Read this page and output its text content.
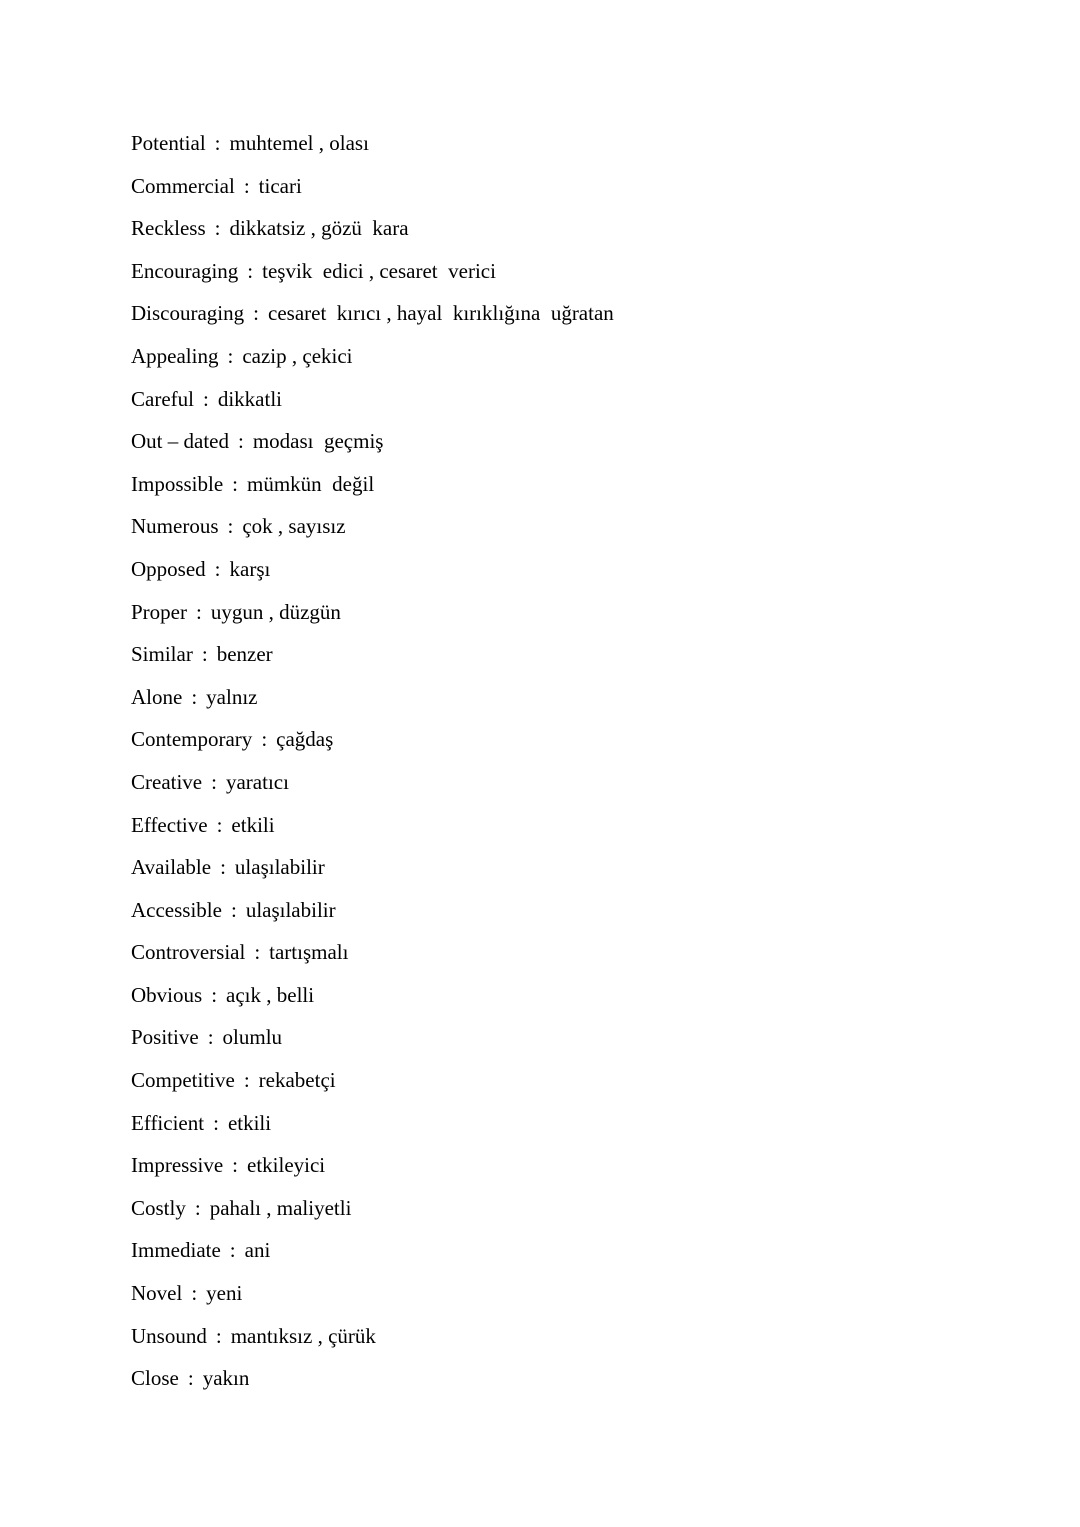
Potential : muhtemel , olası
Commercial : ticari
Reckless : dikkatsiz , gözü  kara
Encouraging : teşvik  edici , cesaret  verici
Discouraging : cesaret  kırıcı , hayal  kırıklığına  uğratan
Appealing : cazip , çekici
Careful : dikkatli
Out – dated : modası  geçmiş
Impossible : mümkün  değil
Numerous : çok , sayısız
Opposed : karşı
Proper : uygun , düzgün
Similar : benzer
Alone : yalnız
Contemporary : çağdaş
Creative : yaratıcı
Effective : etkili
Available : ulaşılabilir
Accessible : ulaşılabilir
Controversial : tartışmalı
Obvious : açık , belli
Positive : olumlu
Competitive : rekabetçi
Efficient : etkili
Impressive : etkileyici
Costly : pahalı , maliyetli
Immediate : ani
Novel : yeni
Unsound : mantıksız , çürük
Close : yakın
